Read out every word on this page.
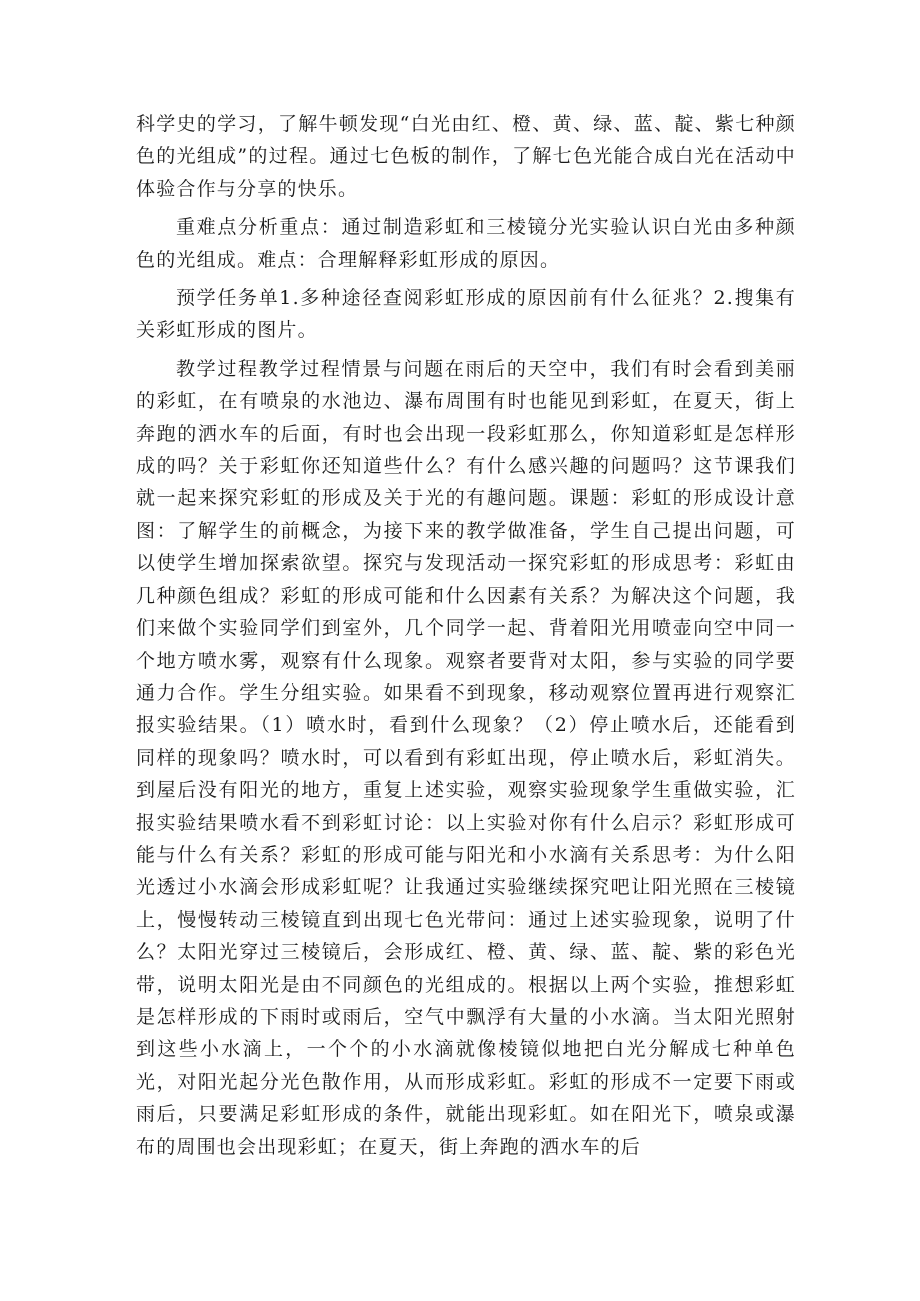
科学史的学习，了解牛顿发现“白光由红、橙、黄、绿、蓝、靛、紫七种颜色的光组成”的过程。通过七色板的制作，了解七色光能合成白光在活动中体验合作与分享的快乐。

重难点分析重点：通过制造彩虹和三棱镜分光实验认识白光由多种颜色的光组成。难点：合理解释彩虹形成的原因。

预学任务单1.多种途径查阅彩虹形成的原因前有什么征兆？2.搜集有关彩虹形成的图片。

教学过程教学过程情景与问题在雨后的天空中，我们有时会看到美丽的彩虹，在有喷泉的水池边、瀑布周围有时也能见到彩虹，在夏天，街上奔跑的洒水车的后面，有时也会出现一段彩虹那么，你知道彩虹是怎样形成的吗？关于彩虹你还知道些什么？有什么感兴趣的问题吗？这节课我们就一起来探究彩虹的形成及关于光的有趣问题。课题：彩虹的形成设计意图：了解学生的前概念，为接下来的教学做准备，学生自己提出问题，可以使学生增加探索欲望。探究与发现活动一探究彩虹的形成思考：彩虹由几种颜色组成？彩虹的形成可能和什么因素有关系？为解决这个问题，我们来做个实验同学们到室外，几个同学一起、背着阳光用喷壶向空中同一个地方喷水雾，观察有什么现象。观察者要背对太阳，参与实验的同学要通力合作。学生分组实验。如果看不到现象，移动观察位置再进行观察汇报实验结果。（1）喷水时，看到什么现象？（2）停止喷水后，还能看到同样的现象吗？喷水时，可以看到有彩虹出现，停止喷水后，彩虹消失。到屋后没有阳光的地方，重复上述实验，观察实验现象学生重做实验，汇报实验结果喷水看不到彩虹讨论：以上实验对你有什么启示？彩虹形成可能与什么有关系？彩虹的形成可能与阳光和小水滴有关系思考：为什么阳光透过小水滴会形成彩虹呢？让我通过实验继续探究吧让阳光照在三棱镜上，慢慢转动三棱镜直到出现七色光带问：通过上述实验现象，说明了什么？太阳光穿过三棱镜后，会形成红、橙、黄、绿、蓝、靛、紫的彩色光带，说明太阳光是由不同颜色的光组成的。根据以上两个实验，推想彩虹是怎样形成的下雨时或雨后，空气中飘浮有大量的小水滴。当太阳光照射到这些小水滴上，一个个的小水滴就像棱镜似地把白光分解成七种单色光，对阳光起分光色散作用，从而形成彩虹。彩虹的形成不一定要下雨或雨后，只要满足彩虹形成的条件，就能出现彩虹。如在阳光下，喷泉或瀑布的周围也会出现彩虹；在夏天，街上奔跑的洒水车的后
